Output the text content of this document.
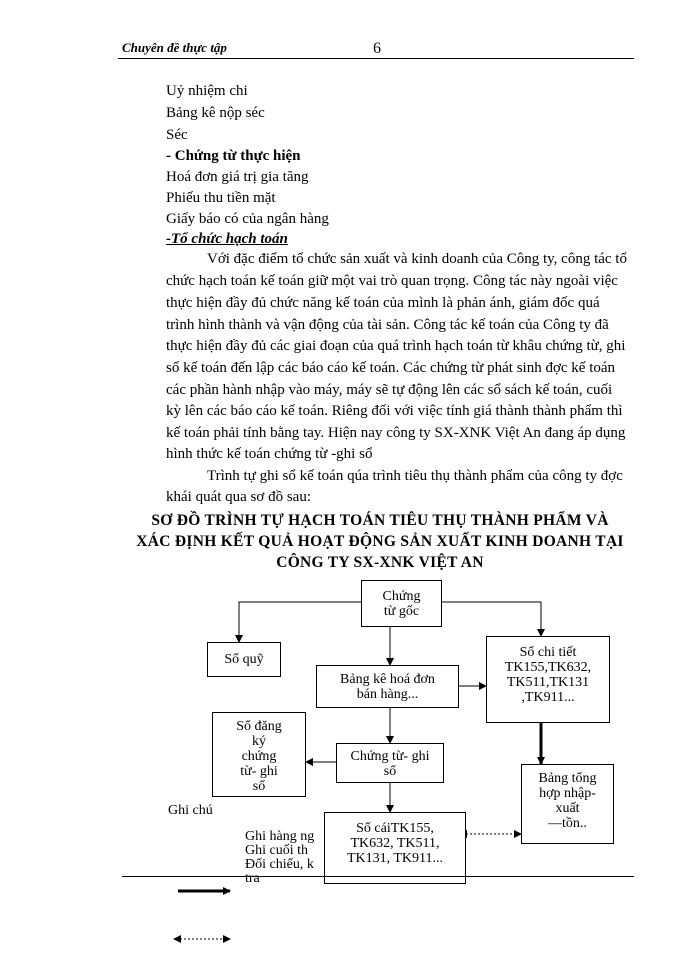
Chuyên đề thực tập	6
Uỷ nhiệm chi
Bảng kê nộp séc
Séc
- Chứng từ thực hiện
Hoá đơn giá trị gia tăng
Phiếu thu tiền mặt
Giấy báo có của ngân hàng
-Tổ chức hạch toán
Với đặc điểm tổ chức sản xuất và kinh doanh của Công ty, công tác tổ
chức hạch toán kế toán giữ một vai trò quan trọng. Công tác này ngoài việc
thực hiện đầy đủ chức năng kế toán của mình là phản ánh, giám đốc quá
trình hình thành và vận động của tài sản. Công tác kế toán của Công ty đã
thực hiện đầy đủ các giai đoạn của quá trình hạch toán từ khâu chứng từ, ghi
sổ kế toán đến lập các báo cáo kế toán. Các chứng từ phát sinh đợc kế toán
các phần hành nhập vào máy, máy sẽ tự động lên các sổ sách kế toán, cuối
kỳ lên các báo cáo kế toán. Riêng đối với việc tính giá thành thành phẩm thì
kế toán phải tính bằng tay. Hiện nay công ty SX-XNK Việt An đang áp dụng
hình thức kế toán chứng từ -ghi sổ
Trình tự ghi sổ kế toán qúa trình tiêu thụ thành phẩm của công ty đợc
khái quát qua sơ đồ sau:
SƠ ĐỒ TRÌNH TỰ HẠCH TOÁN TIÊU THỤ THÀNH PHẨM VÀ
XÁC ĐỊNH KẾT QUẢ HOẠT ĐỘNG SẢN XUẤT KINH DOANH TẠI
CÔNG TY SX-XNK VIỆT AN
Chứng
từ gốc
Sổ quỹ
Bảng kê hoá đơn
bán hàng...
Sổ chi tiết
TK155,TK632,
TK511,TK131
,TK911...
Sổ đăng
ký
chứng
từ- ghi
sổ
Chứng từ- ghi
sổ	Bảng tổng
hợp nhập-
xuất
—tồn..
Ghi chú
Ghi hàng ng
Ghi cuối th
Đối chiếu, k
tra
Sổ cáiTK155,
TK632, TK511,
TK131, TK911...
